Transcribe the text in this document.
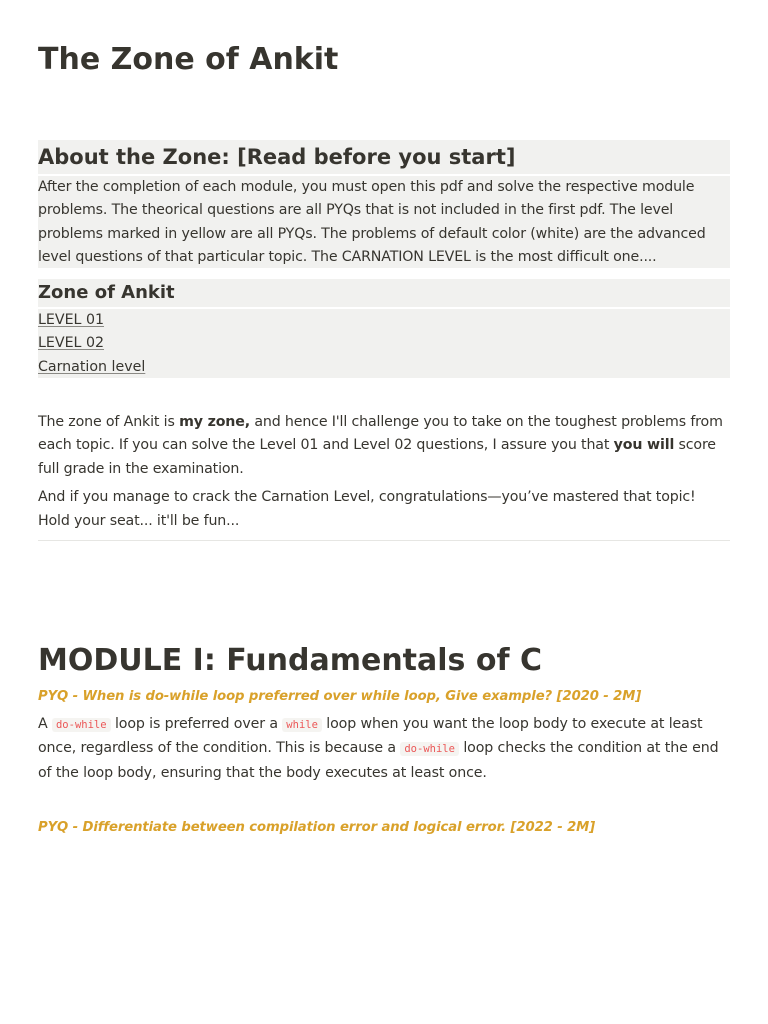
The Zone of Ankit
About the Zone: [Read before you start]
After the completion of each module, you must open this pdf and solve the respective module problems. The theorical questions are all PYQs that is not included in the first pdf. The level problems marked in yellow are all PYQs. The problems of default color (white) are the advanced level questions of that particular topic. The CARNATION LEVEL is the most difficult one....
Zone of Ankit
LEVEL 01
LEVEL 02
Carnation level

The zone of Ankit is my zone, and hence I'll challenge you to take on the toughest problems from each topic. If you can solve the Level 01 and Level 02 questions, I assure you that you will score full grade in the examination.

And if you manage to crack the Carnation Level, congratulations—you’ve mastered that topic! Hold your seat... it'll be fun...

MODULE I: Fundamentals of C
PYQ - When is do-while loop preferred over while loop, Give example? [2020 - 2M]
A do-while loop is preferred over a while loop when you want the loop body to execute at least once, regardless of the condition. This is because a do-while loop checks the condition at the end of the loop body, ensuring that the body executes at least once.
PYQ - Differentiate between compilation error and logical error. [2022 - 2M]
